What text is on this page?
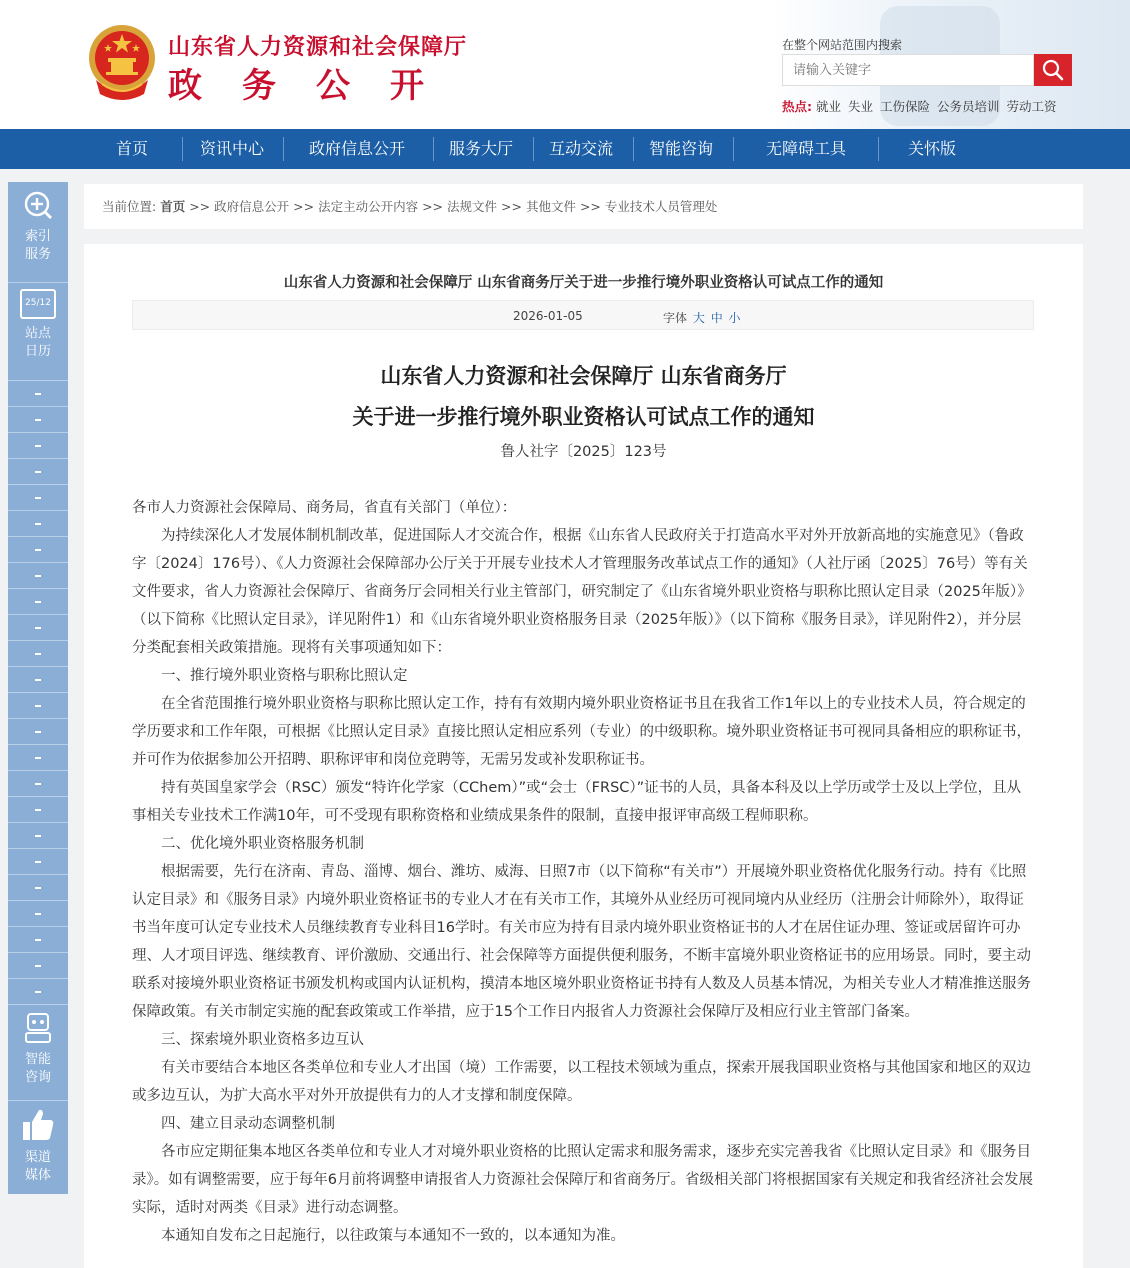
山东省人力资源和社会保障厅
政务公开
在整个网站范围内搜索
请输入关键字
热点: 就业 失业 工伤保险 公务员培训 劳动工资
首页	资讯中心	政府信息公开	服务大厅	互动交流	智能咨询	无障碍工具	关怀版
索引
服务
25/12
站点
日历
智能
咨询
渠道
媒体
当前位置: 首页 >> 政府信息公开 >> 法定主动公开内容 >> 法规文件 >> 其他文件 >> 专业技术人员管理处
山东省人力资源和社会保障厅 山东省商务厅关于进一步推行境外职业资格认可试点工作的通知
2026-01-05	字体 大 中 小
山东省人力资源和社会保障厅 山东省商务厅
关于进一步推行境外职业资格认可试点工作的通知
鲁人社字〔2025〕123号

各市人力资源社会保障局、商务局，省直有关部门（单位）：

为持续深化人才发展体制机制改革，促进国际人才交流合作，根据《山东省人民政府关于打造高水平对外开放新高地的实施意见》（鲁政字〔2024〕176号）、《人力资源社会保障部办公厅关于开展专业技术人才管理服务改革试点工作的通知》（人社厅函〔2025〕76号）等有关文件要求，省人力资源社会保障厅、省商务厅会同相关行业主管部门，研究制定了《山东省境外职业资格与职称比照认定目录（2025年版）》（以下简称《比照认定目录》，详见附件1）和《山东省境外职业资格服务目录（2025年版）》（以下简称《服务目录》，详见附件2），并分层分类配套相关政策措施。现将有关事项通知如下：

一、推行境外职业资格与职称比照认定

在全省范围推行境外职业资格与职称比照认定工作，持有有效期内境外职业资格证书且在我省工作1年以上的专业技术人员，符合规定的学历要求和工作年限，可根据《比照认定目录》直接比照认定相应系列（专业）的中级职称。境外职业资格证书可视同具备相应的职称证书，并可作为依据参加公开招聘、职称评审和岗位竞聘等，无需另发或补发职称证书。

持有英国皇家学会（RSC）颁发“特许化学家（CChem）”或“会士（FRSC）”证书的人员，具备本科及以上学历或学士及以上学位，且从事相关专业技术工作满10年，可不受现有职称资格和业绩成果条件的限制，直接申报评审高级工程师职称。

二、优化境外职业资格服务机制

根据需要，先行在济南、青岛、淄博、烟台、潍坊、威海、日照7市（以下简称“有关市”）开展境外职业资格优化服务行动。持有《比照认定目录》和《服务目录》内境外职业资格证书的专业人才在有关市工作，其境外从业经历可视同境内从业经历（注册会计师除外），取得证书当年度可认定专业技术人员继续教育专业科目16学时。有关市应为持有目录内境外职业资格证书的人才在居住证办理、签证或居留许可办理、人才项目评选、继续教育、评价激励、交通出行、社会保障等方面提供便利服务，不断丰富境外职业资格证书的应用场景。同时，要主动联系对接境外职业资格证书颁发机构或国内认证机构，摸清本地区境外职业资格证书持有人数及人员基本情况，为相关专业人才精准推送服务保障政策。有关市制定实施的配套政策或工作举措，应于15个工作日内报省人力资源社会保障厅及相应行业主管部门备案。

三、探索境外职业资格多边互认

有关市要结合本地区各类单位和专业人才出国（境）工作需要，以工程技术领域为重点，探索开展我国职业资格与其他国家和地区的双边或多边互认，为扩大高水平对外开放提供有力的人才支撑和制度保障。

四、建立目录动态调整机制

各市应定期征集本地区各类单位和专业人才对境外职业资格的比照认定需求和服务需求，逐步充实完善我省《比照认定目录》和《服务目录》。如有调整需要，应于每年6月前将调整申请报省人力资源社会保障厅和省商务厅。省级相关部门将根据国家有关规定和我省经济社会发展实际，适时对两类《目录》进行动态调整。

本通知自发布之日起施行，以往政策与本通知不一致的，以本通知为准。
